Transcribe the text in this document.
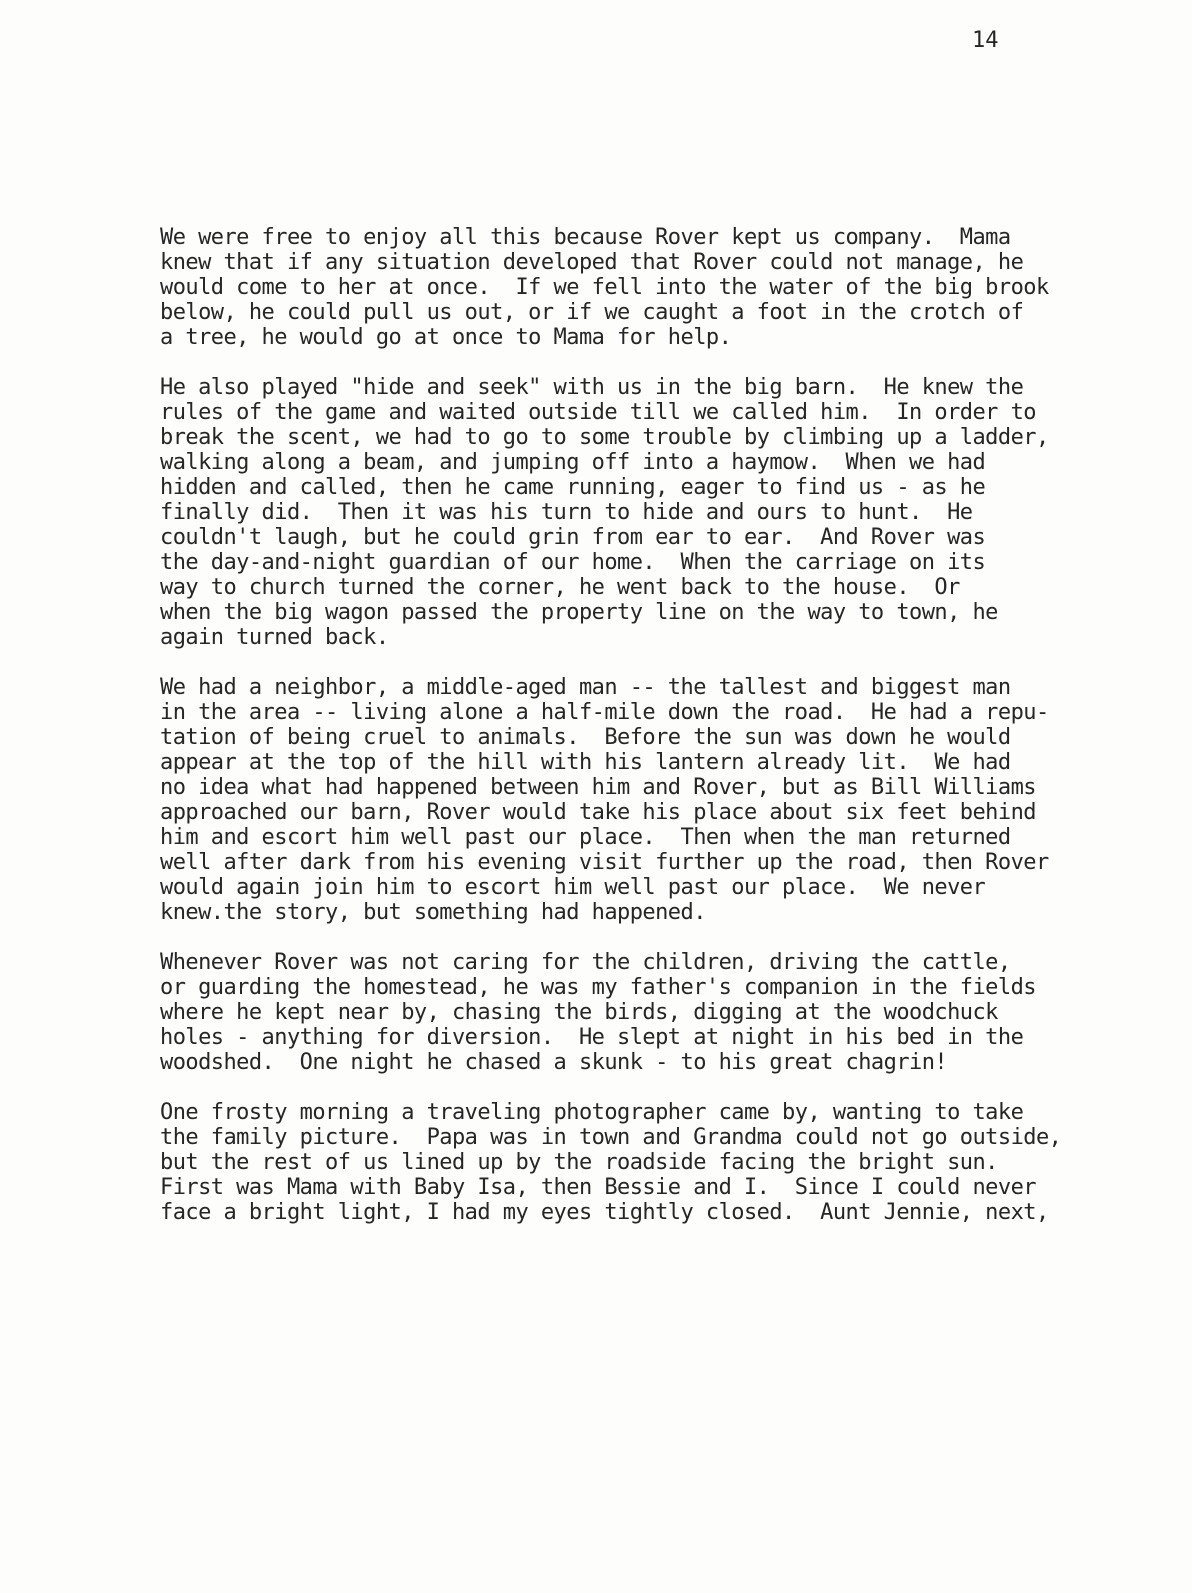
14
We were free to enjoy all this because Rover kept us company.  Mama
knew that if any situation developed that Rover could not manage, he
would come to her at once.  If we fell into the water of the big brook
below, he could pull us out, or if we caught a foot in the crotch of
a tree, he would go at once to Mama for help.
He also played "hide and seek" with us in the big barn.  He knew the
rules of the game and waited outside till we called him.  In order to
break the scent, we had to go to some trouble by climbing up a ladder,
walking along a beam, and jumping off into a haymow.  When we had
hidden and called, then he came running, eager to find us - as he
finally did.  Then it was his turn to hide and ours to hunt.  He
couldn't laugh, but he could grin from ear to ear.  And Rover was
the day-and-night guardian of our home.  When the carriage on its
way to church turned the corner, he went back to the house.  Or
when the big wagon passed the property line on the way to town, he
again turned back.
We had a neighbor, a middle-aged man -- the tallest and biggest man
in the area -- living alone a half-mile down the road.  He had a repu-
tation of being cruel to animals.  Before the sun was down he would
appear at the top of the hill with his lantern already lit.  We had
no idea what had happened between him and Rover, but as Bill Williams
approached our barn, Rover would take his place about six feet behind
him and escort him well past our place.  Then when the man returned
well after dark from his evening visit further up the road, then Rover
would again join him to escort him well past our place.  We never
knew.the story, but something had happened.
Whenever Rover was not caring for the children, driving the cattle,
or guarding the homestead, he was my father's companion in the fields
where he kept near by, chasing the birds, digging at the woodchuck
holes - anything for diversion.  He slept at night in his bed in the
woodshed.  One night he chased a skunk - to his great chagrin!
One frosty morning a traveling photographer came by, wanting to take
the family picture.  Papa was in town and Grandma could not go outside,
but the rest of us lined up by the roadside facing the bright sun.
First was Mama with Baby Isa, then Bessie and I.  Since I could never
face a bright light, I had my eyes tightly closed.  Aunt Jennie, next,
